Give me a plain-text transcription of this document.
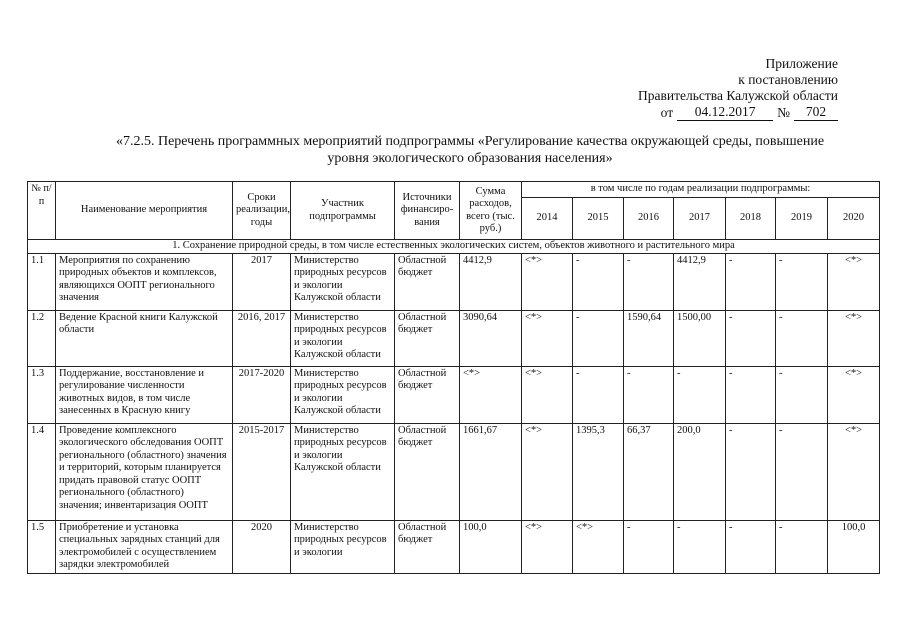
Приложение
к постановлению
Правительства Калужской области
от	04.12.2017	№	702
«7.2.5. Перечень программных мероприятий подпрограммы «Регулирование качества окружающей среды, повышение
уровня экологического образования населения»
№ п/п	Наименование мероприятия	Сроки реализации, годы	Участник подпрограммы	Источники финансиро-вания	Сумма расходов, всего (тыс. руб.)	в том числе по годам реализации подпрограммы:						
						2014	2015	2016	2017	2018	2019	2020
1. Сохранение природной среды, в том числе естественных экологических систем, объектов животного и растительного мира												
1.1	Мероприятия по сохранению природных объектов и комплексов, являющихся ООПТ регионального значения	2017	Министерство природных ресурсов и экологии Калужской области	Областной бюджет	4412,9	<*>	-	-	4412,9	-	-	<*>
1.2	Ведение Красной книги Калужской области	2016, 2017	Министерство природных ресурсов и экологии Калужской области	Областной бюджет	3090,64	<*>	-	1590,64	1500,00	-	-	<*>
1.3	Поддержание, восстановление и регулирование численности животных видов, в том числе занесенных в Красную книгу	2017-2020	Министерство природных ресурсов и экологии Калужской области	Областной бюджет	<*>	<*>	-	-	-	-	-	<*>
1.4	Проведение комплексного экологического обследования ООПТ регионального (областного) значения и территорий, которым планируется придать правовой статус ООПТ регионального (областного) значения; инвентаризация ООПТ	2015-2017	Министерство природных ресурсов и экологии Калужской области	Областной бюджет	1661,67	<*>	1395,3	66,37	200,0	-	-	<*>
1.5	Приобретение и установка специальных зарядных станций для электромобилей с осуществлением зарядки электромобилей	2020	Министерство природных ресурсов и экологии	Областной бюджет	100,0	<*>	<*>	-	-	-	-	100,0
